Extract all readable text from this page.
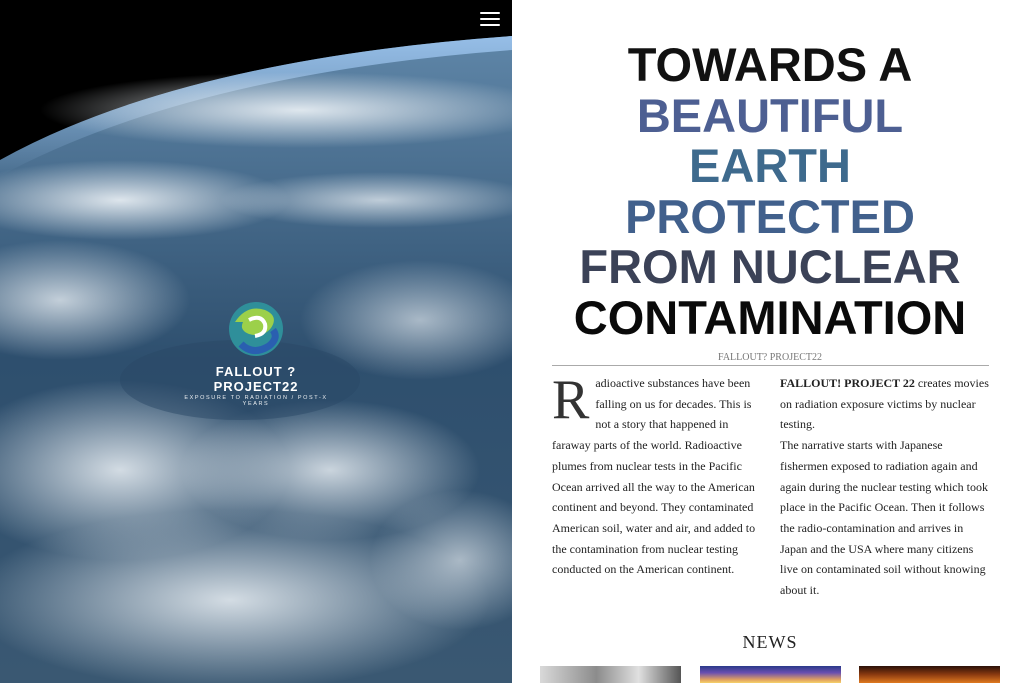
FALLOUT ? PROJECT22
EXPOSURE TO RADIATION / POST-X YEARS
TOWARDS A
BEAUTIFUL
EARTH
PROTECTED
FROM NUCLEAR
CONTAMINATION
FALLOUT? PROJECT22

Radioactive substances have been falling on us for decades. This is not a story that happened in faraway parts of the world. Radioactive plumes from nuclear tests in the Pacific Ocean arrived all the way to the American continent and beyond. They contaminated American soil, water and air, and added to the contamination from nuclear testing conducted on the American continent.

FALLOUT! PROJECT 22 creates movies on radiation exposure victims by nuclear testing.

The narrative starts with Japanese fishermen exposed to radiation again and again during the nuclear testing which took place in the Pacific Ocean. Then it follows the radio-contamination and arrives in Japan and the USA where many citizens live on contaminated soil without knowing about it.

NEWS
